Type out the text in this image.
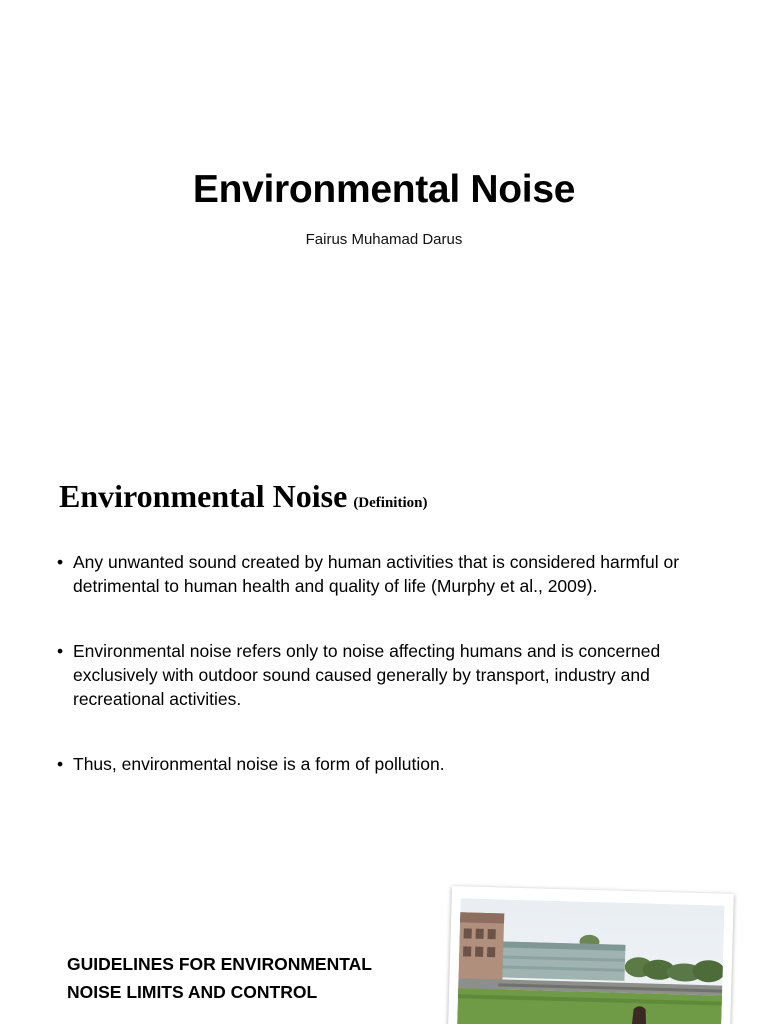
Environmental Noise
Fairus Muhamad Darus
Environmental Noise (Definition)
• Any unwanted sound created by human activities that is considered harmful or detrimental to human health and quality of life (Murphy et al., 2009).
• Environmental noise refers only to noise affecting humans and is concerned exclusively with outdoor sound caused generally by transport, industry and recreational activities.
• Thus, environmental noise is a form of pollution.
GUIDELINES FOR ENVIRONMENTAL
NOISE LIMITS AND CONTROL
